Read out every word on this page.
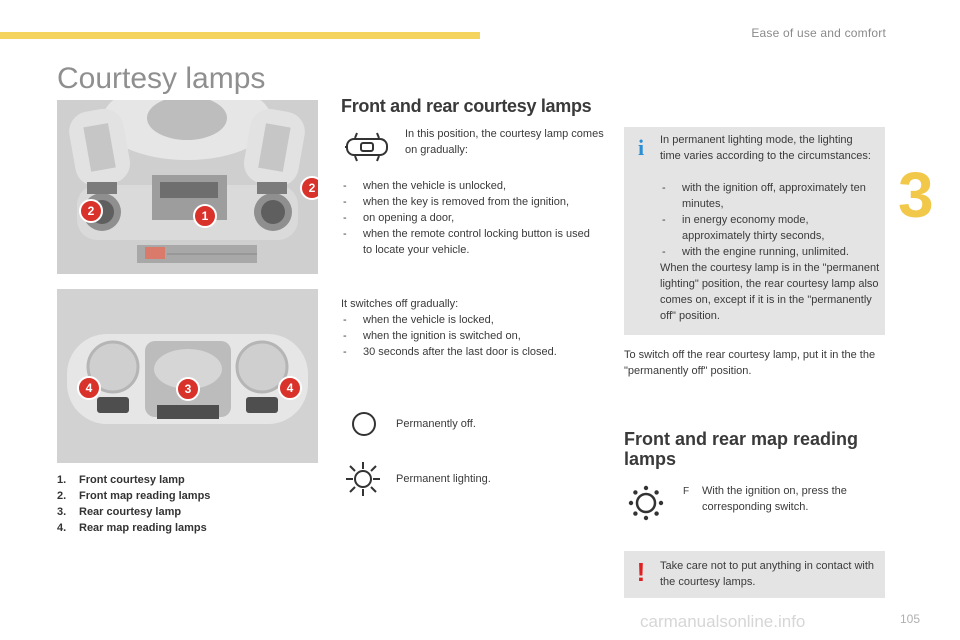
Ease of use and comfort
3
Courtesy lamps
1
2
2
3
4	4
1.	Front courtesy lamp
2.	Front map reading lamps
3.	Rear courtesy lamp
4.	Rear map reading lamps
Front and rear courtesy lamps
In this position, the courtesy lamp comes on gradually:
- when the vehicle is unlocked,
- when the key is removed from the ignition,
- on opening a door,
- when the remote control locking button is used to locate your vehicle.
It switches off gradually:
- when the vehicle is locked,
- when the ignition is switched on,
- 30 seconds after the last door is closed.
Permanently off.
Permanent lighting.
i	In permanent lighting mode, the lighting time varies according to the circumstances:
- with the ignition off, approximately ten minutes,
- in energy economy mode, approximately thirty seconds,
- with the engine running, unlimited.
When the courtesy lamp is in the "permanent lighting" position, the rear courtesy lamp also comes on, except if it is in the "permanently off" position.
To switch off the rear courtesy lamp, put it in the the "permanently off" position.
Front and rear map reading lamps
F With the ignition on, press the corresponding switch.
! Take care not to put anything in contact with the courtesy lamps.
carmanualsonline.info	105
